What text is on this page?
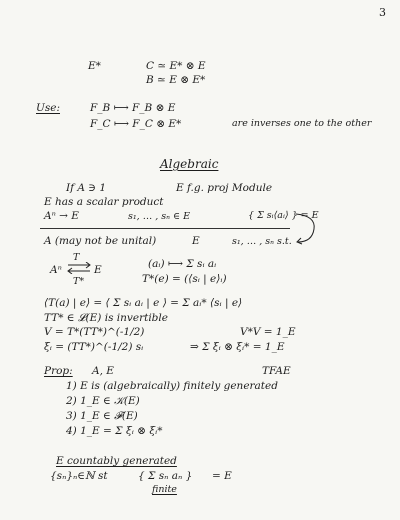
3
E*	C ≃ E* ⊗ E
B ≃ E ⊗ E*
Use:	F_B ⟼ F_B ⊗ E
F_C ⟼ F_C ⊗ E*	are inverses one to the other
Algebraic
If A ∋ 1	E f.g. proj Module
E has a scalar product
Aⁿ → E	s₁, … , sₙ ∈ E	{ Σ sᵢ⟨aᵢ⟩ } = E
A (may not be unital)	E	s₁, … , sₙ s.t.
Aⁿ
T
T*
E	(aᵢ) ⟼ Σ sᵢ aᵢ
T*(e) = (⟨sᵢ | e⟩ᵢ)
⟨T(a) | e⟩ = ⟨ Σ sᵢ aᵢ | e ⟩ = Σ aᵢ* ⟨sᵢ | e⟩
TT* ∈ 𝓛(E) is invertible
V = T*(TT*)^(-1/2)	V*V = 1_E
ξᵢ = (TT*)^(-1/2) sᵢ	⇒ Σ ξᵢ ⊗ ξᵢ* = 1_E
Prop: A, E	TFAE
1) E is (algebraically) finitely generated
2) 1_E ∈ 𝒦(E)
3) 1_E ∈ 𝓕(E)
4) 1_E = Σ ξᵢ ⊗ ξᵢ*
E countably generated
{sₙ}ₙ∈ℕ st	{ Σ sₙ aₙ } = E
finite
